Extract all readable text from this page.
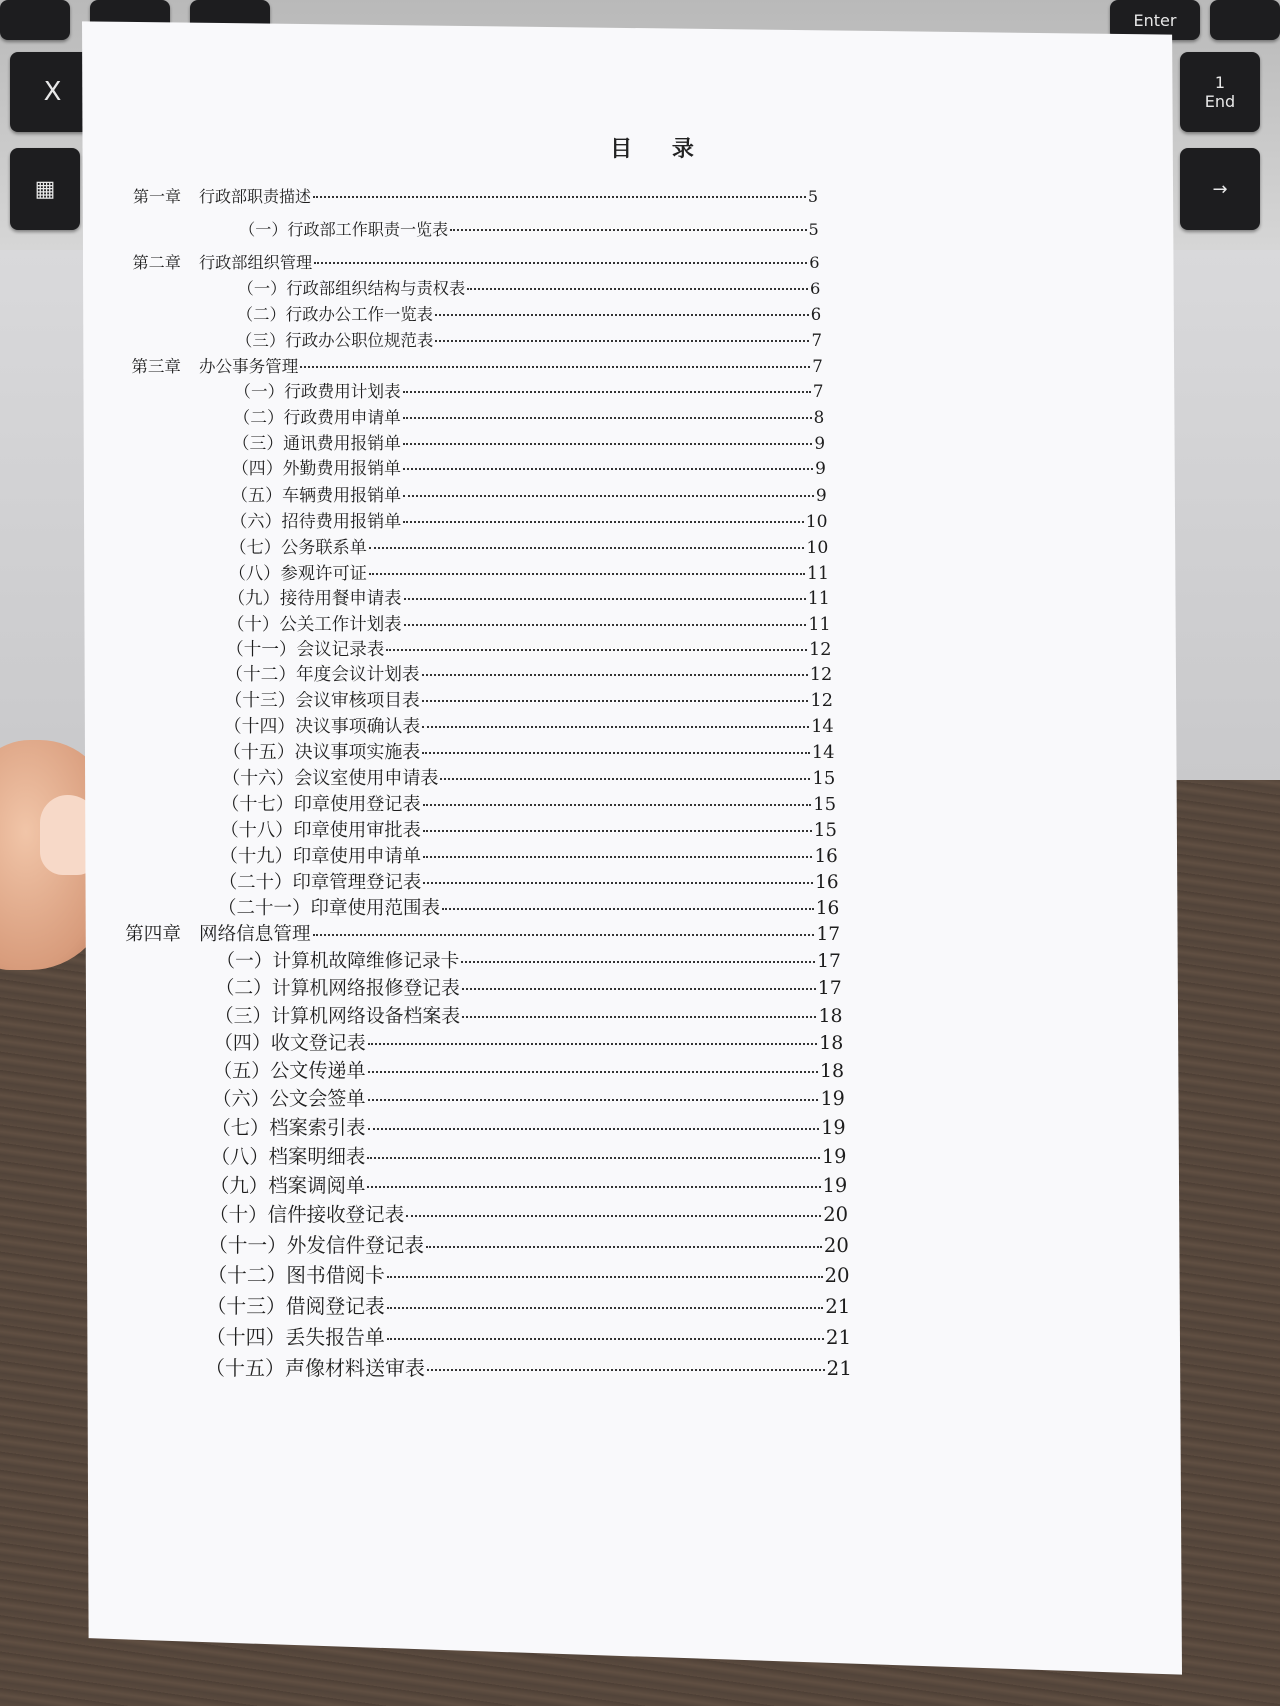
Enter
X	1
End
▦	→
目 录
第一章 行政部职责描述	5
（一）行政部工作职责一览表	5
第二章 行政部组织管理	6
（一）行政部组织结构与责权表	6
（二）行政办公工作一览表	6
（三）行政办公职位规范表	7
第三章 办公事务管理	7
（一）行政费用计划表	7
（二）行政费用申请单	8
（三）通讯费用报销单	9
（四）外勤费用报销单	9
（五）车辆费用报销单	9
（六）招待费用报销单	10
（七）公务联系单	10
（八）参观许可证	11
（九）接待用餐申请表	11
（十）公关工作计划表	11
（十一）会议记录表	12
（十二）年度会议计划表	12
（十三）会议审核项目表	12
（十四）决议事项确认表	14
（十五）决议事项实施表	14
（十六）会议室使用申请表	15
（十七）印章使用登记表	15
（十八）印章使用审批表	15
（十九）印章使用申请单	16
（二十）印章管理登记表	16
（二十一）印章使用范围表	16
第四章 网络信息管理	17
（一）计算机故障维修记录卡	17
（二）计算机网络报修登记表	17
（三）计算机网络设备档案表	18
（四）收文登记表	18
（五）公文传递单	18
（六）公文会签单	19
（七）档案索引表	19
（八）档案明细表	19
（九）档案调阅单	19
（十）信件接收登记表	20
（十一）外发信件登记表	20
（十二）图书借阅卡	20
（十三）借阅登记表	21
（十四）丢失报告单	21
（十五）声像材料送审表	21
